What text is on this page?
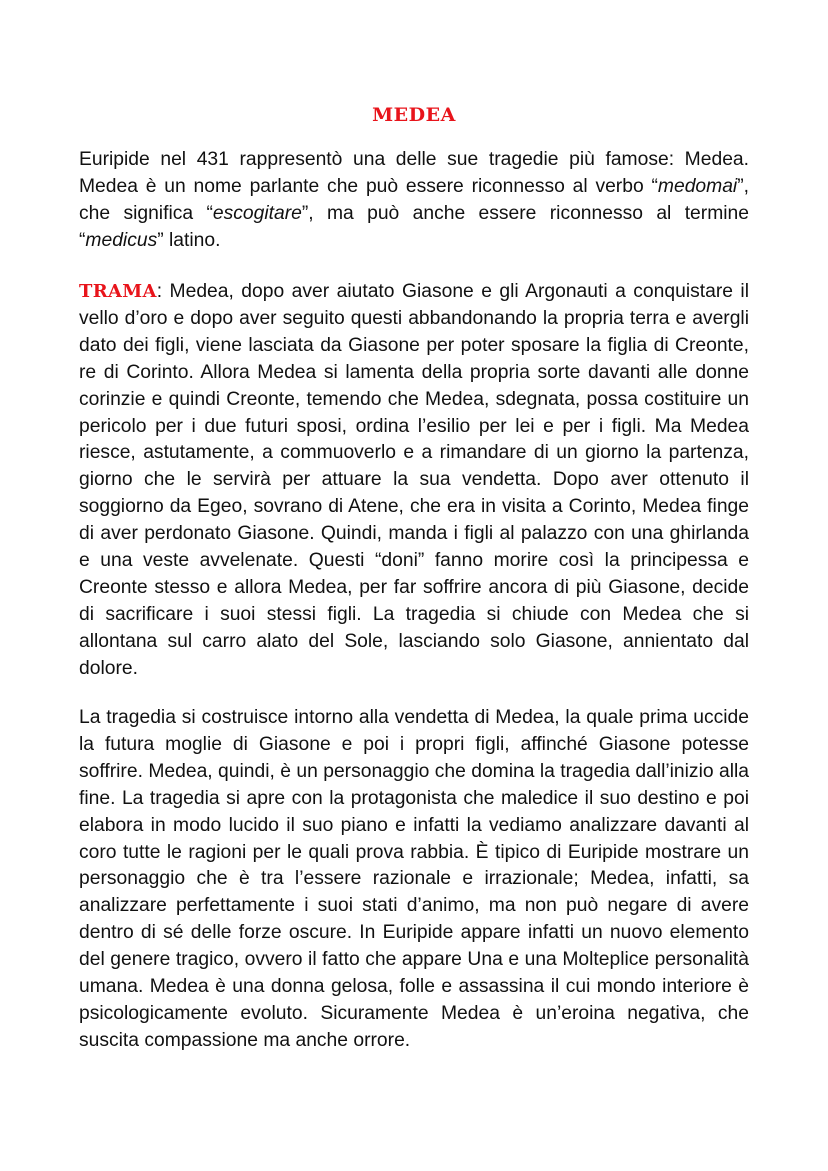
MEDEA

Euripide nel 431 rappresentò una delle sue tragedie più famose: Medea. Medea è un nome parlante che può essere riconnesso al verbo “medomai”, che significa “escogitare”, ma può anche essere riconnesso al termine “medicus” latino.

TRAMA: Medea, dopo aver aiutato Giasone e gli Argonauti a conquistare il vello d’oro e dopo aver seguito questi abbandonando la propria terra e avergli dato dei figli, viene lasciata da Giasone per poter sposare la figlia di Creonte, re di Corinto. Allora Medea si lamenta della propria sorte davanti alle donne corinzie e quindi Creonte, temendo che Medea, sdegnata, possa costituire un pericolo per i due futuri sposi, ordina l’esilio per lei e per i figli. Ma Medea riesce, astutamente, a commuoverlo e a rimandare di un giorno la partenza, giorno che le servirà per attuare la sua vendetta. Dopo aver ottenuto il soggiorno da Egeo, sovrano di Atene, che era in visita a Corinto, Medea finge di aver perdonato Giasone. Quindi, manda i figli al palazzo con una ghirlanda e una veste avvelenate. Questi “doni” fanno morire così la principessa e Creonte stesso e allora Medea, per far soffrire ancora di più Giasone, decide di sacrificare i suoi stessi figli. La tragedia si chiude con Medea che si allontana sul carro alato del Sole, lasciando solo Giasone, annientato dal dolore.

La tragedia si costruisce intorno alla vendetta di Medea, la quale prima uccide la futura moglie di Giasone e poi i propri figli, affinché Giasone potesse soffrire. Medea, quindi, è un personaggio che domina la tragedia dall’inizio alla fine. La tragedia si apre con la protagonista che maledice il suo destino e poi elabora in modo lucido il suo piano e infatti la vediamo analizzare davanti al coro tutte le ragioni per le quali prova rabbia. È tipico di Euripide mostrare un personaggio che è tra l’essere razionale e irrazionale; Medea, infatti, sa analizzare perfettamente i suoi stati d’animo, ma non può negare di avere dentro di sé delle forze oscure. In Euripide appare infatti un nuovo elemento del genere tragico, ovvero il fatto che appare Una e una Molteplice personalità umana. Medea è una donna gelosa, folle e assassina il cui mondo interiore è psicologicamente evoluto. Sicuramente Medea è un’eroina negativa, che suscita compassione ma anche orrore.
